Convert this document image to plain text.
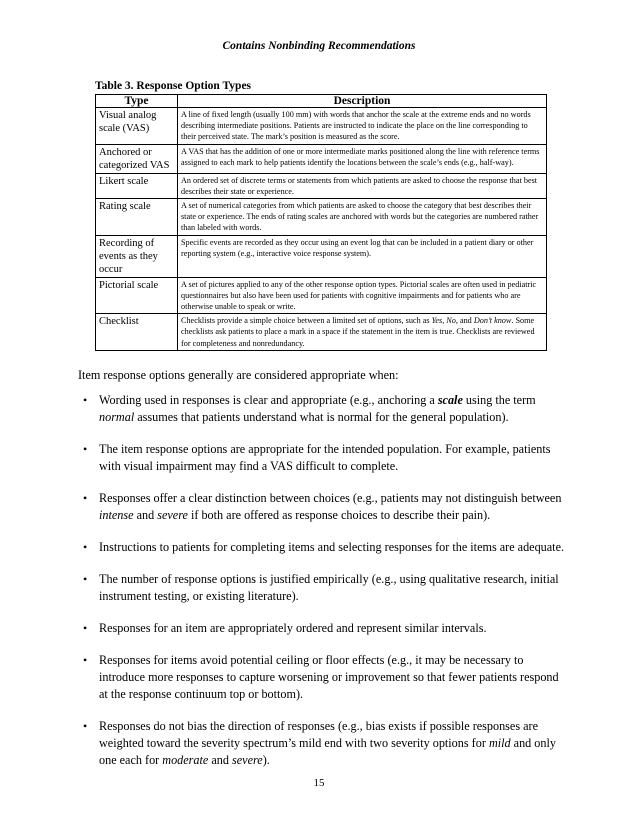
Contains Nonbinding Recommendations
Table 3. Response Option Types
Type	Description
Visual analog scale (VAS)	A line of fixed length (usually 100 mm) with words that anchor the scale at the extreme ends and no words describing intermediate positions. Patients are instructed to indicate the place on the line corresponding to their perceived state. The mark’s position is measured as the score.
Anchored or categorized VAS	A VAS that has the addition of one or more intermediate marks positioned along the line with reference terms assigned to each mark to help patients identify the locations between the scale’s ends (e.g., half-way).
Likert scale	An ordered set of discrete terms or statements from which patients are asked to choose the response that best describes their state or experience.
Rating scale	A set of numerical categories from which patients are asked to choose the category that best describes their state or experience. The ends of rating scales are anchored with words but the categories are numbered rather than labeled with words.
Recording of events as they occur	Specific events are recorded as they occur using an event log that can be included in a patient diary or other reporting system (e.g., interactive voice response system).
Pictorial scale	A set of pictures applied to any of the other response option types. Pictorial scales are often used in pediatric questionnaires but also have been used for patients with cognitive impairments and for patients who are otherwise unable to speak or write.
Checklist	Checklists provide a simple choice between a limited set of options, such as Yes, No, and Don’t know. Some checklists ask patients to place a mark in a space if the statement in the item is true. Checklists are reviewed for completeness and nonredundancy.
Item response options generally are considered appropriate when:
• Wording used in responses is clear and appropriate (e.g., anchoring a scale using the term normal assumes that patients understand what is normal for the general population).
• The item response options are appropriate for the intended population. For example, patients with visual impairment may find a VAS difficult to complete.
• Responses offer a clear distinction between choices (e.g., patients may not distinguish between intense and severe if both are offered as response choices to describe their pain).
• Instructions to patients for completing items and selecting responses for the items are adequate.
• The number of response options is justified empirically (e.g., using qualitative research, initial instrument testing, or existing literature).
• Responses for an item are appropriately ordered and represent similar intervals.
• Responses for items avoid potential ceiling or floor effects (e.g., it may be necessary to introduce more responses to capture worsening or improvement so that fewer patients respond at the response continuum top or bottom).
• Responses do not bias the direction of responses (e.g., bias exists if possible responses are weighted toward the severity spectrum’s mild end with two severity options for mild and only one each for moderate and severe).
15
